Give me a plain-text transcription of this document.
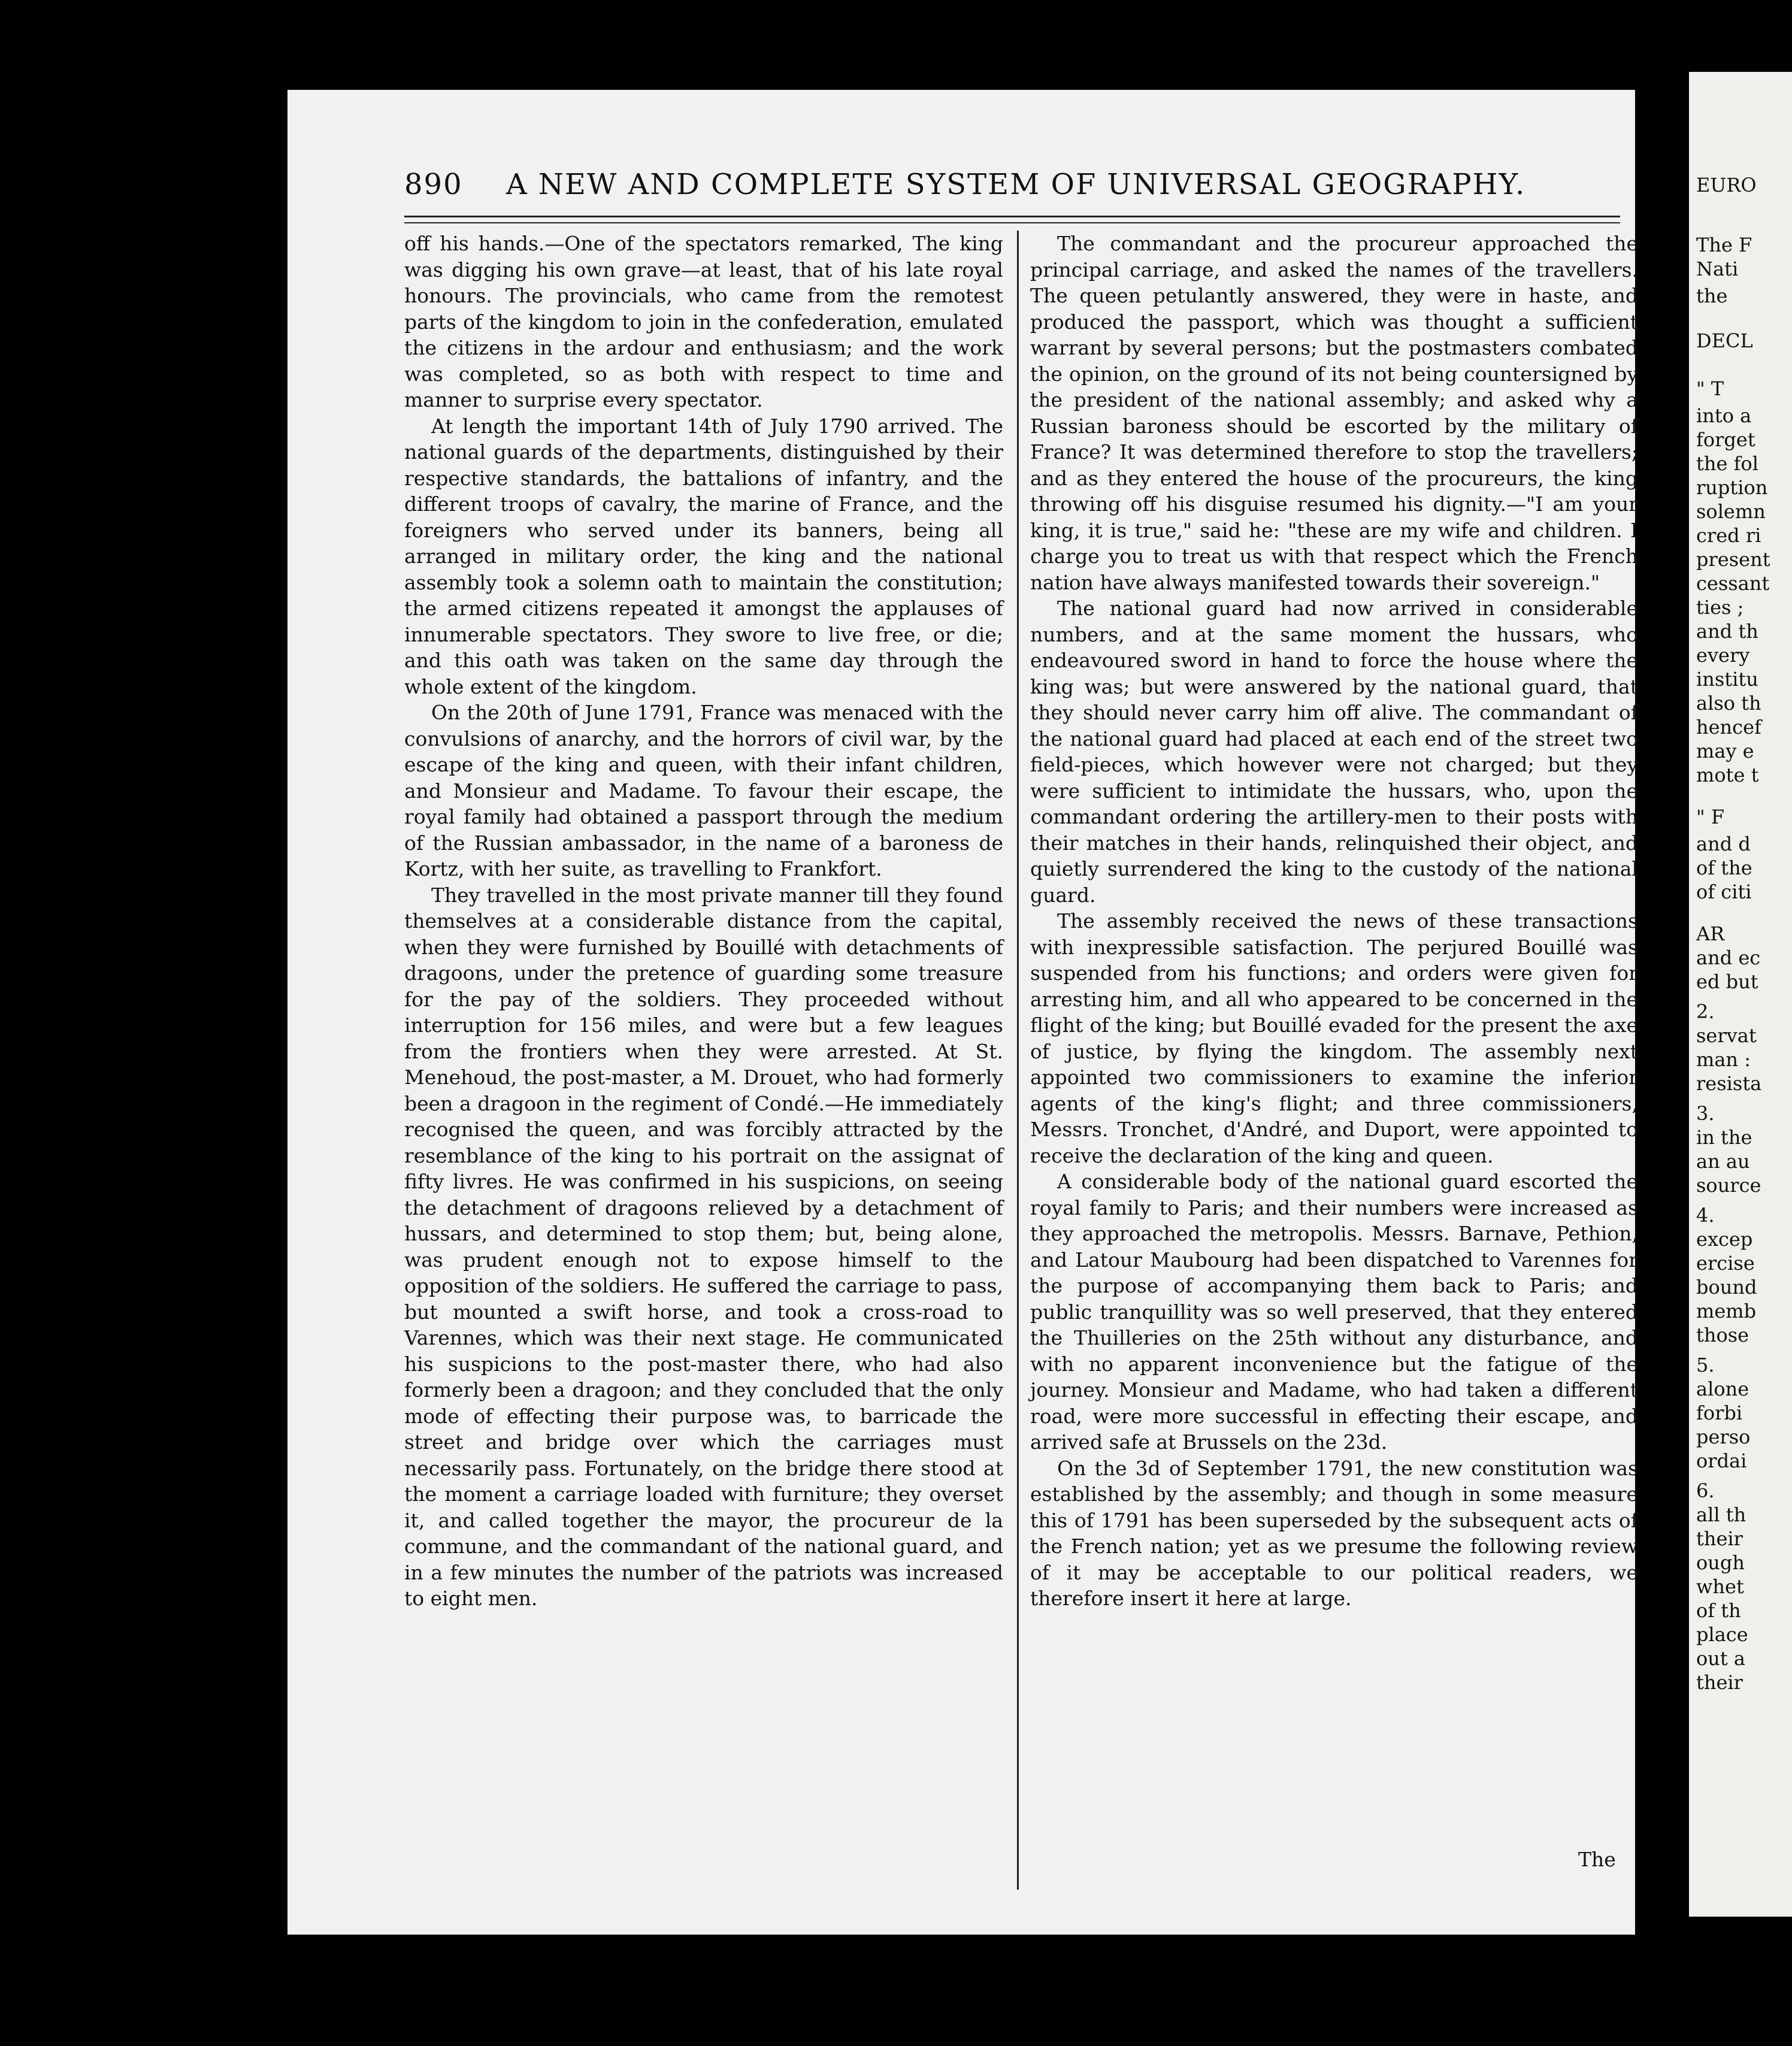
890 A NEW AND COMPLETE SYSTEM OF UNIVERSAL GEOGRAPHY.

off his hands.—One of the spectators remarked, The king was digging his own grave—at least, that of his late royal honours. The provincials, who came from the remotest parts of the kingdom to join in the confederation, emulated the citizens in the ardour and enthusiasm; and the work was completed, so as both with respect to time and manner to surprise every spectator.

At length the important 14th of July 1790 arrived. The national guards of the departments, distinguished by their respective standards, the battalions of infantry, and the different troops of cavalry, the marine of France, and the foreigners who served under its banners, being all arranged in military order, the king and the national assembly took a solemn oath to maintain the constitution; the armed citizens repeated it amongst the applauses of innumerable spectators. They swore to live free, or die; and this oath was taken on the same day through the whole extent of the kingdom.

On the 20th of June 1791, France was menaced with the convulsions of anarchy, and the horrors of civil war, by the escape of the king and queen, with their infant children, and Monsieur and Madame. To favour their escape, the royal family had obtained a passport through the medium of the Russian ambassador, in the name of a baroness de Kortz, with her suite, as travelling to Frankfort.

They travelled in the most private manner till they found themselves at a considerable distance from the capital, when they were furnished by Bouillé with detachments of dragoons, under the pretence of guarding some treasure for the pay of the soldiers. They proceeded without interruption for 156 miles, and were but a few leagues from the frontiers when they were arrested. At St. Menehoud, the post-master, a M. Drouet, who had formerly been a dragoon in the regiment of Condé.—He immediately recognised the queen, and was forcibly attracted by the resemblance of the king to his portrait on the assignat of fifty livres. He was confirmed in his suspicions, on seeing the detachment of dragoons relieved by a detachment of hussars, and determined to stop them; but, being alone, was prudent enough not to expose himself to the opposition of the soldiers. He suffered the carriage to pass, but mounted a swift horse, and took a cross-road to Varennes, which was their next stage. He communicated his suspicions to the post-master there, who had also formerly been a dragoon; and they concluded that the only mode of effecting their purpose was, to barricade the street and bridge over which the carriages must necessarily pass. Fortunately, on the bridge there stood at the moment a carriage loaded with furniture; they overset it, and called together the mayor, the procureur de la commune, and the commandant of the national guard, and in a few minutes the number of the patriots was increased to eight men.

The commandant and the procureur approached the principal carriage, and asked the names of the travellers. The queen petulantly answered, they were in haste, and produced the passport, which was thought a sufficient warrant by several persons; but the postmasters combated the opinion, on the ground of its not being countersigned by the president of the national assembly; and asked why a Russian baroness should be escorted by the military of France? It was determined therefore to stop the travellers; and as they entered the house of the procureurs, the king throwing off his disguise resumed his dignity.—"I am your king, it is true," said he: "these are my wife and children. I charge you to treat us with that respect which the French nation have always manifested towards their sovereign."

The national guard had now arrived in considerable numbers, and at the same moment the hussars, who endeavoured sword in hand to force the house where the king was; but were answered by the national guard, that they should never carry him off alive. The commandant of the national guard had placed at each end of the street two field-pieces, which however were not charged; but they were sufficient to intimidate the hussars, who, upon the commandant ordering the artillery-men to their posts with their matches in their hands, relinquished their object, and quietly surrendered the king to the custody of the national guard.

The assembly received the news of these transactions with inexpressible satisfaction. The perjured Bouillé was suspended from his functions; and orders were given for arresting him, and all who appeared to be concerned in the flight of the king; but Bouillé evaded for the present the axe of justice, by flying the kingdom. The assembly next appointed two commissioners to examine the inferior agents of the king's flight; and three commissioners, Messrs. Tronchet, d'André, and Duport, were appointed to receive the declaration of the king and queen.

A considerable body of the national guard escorted the royal family to Paris; and their numbers were increased as they approached the metropolis. Messrs. Barnave, Pethion, and Latour Maubourg had been dispatched to Varennes for the purpose of accompanying them back to Paris; and public tranquillity was so well preserved, that they entered the Thuilleries on the 25th without any disturbance, and with no apparent inconvenience but the fatigue of the journey. Monsieur and Madame, who had taken a different road, were more successful in effecting their escape, and arrived safe at Brussels on the 23d.

On the 3d of September 1791, the new constitution was established by the assembly; and though in some measure this of 1791 has been superseded by the subsequent acts of the French nation; yet as we presume the following review of it may be acceptable to our political readers, we therefore insert it here at large.

The
EURO
The F
Nati
the
DECL
" T
into a
forget
the fol
ruption
solemn
cred ri
present
cessant
ties ;
and th
every
institu
also th
hencef
may e
mote t
" F
and d
of the
of citi
AR
and ec
ed but
2.
servat
man :
resista
3.
in the
an au
source
4.
excep
ercise
bound
memb
those
5.
alone
forbi
perso
ordai
6.
all th
their
ough
whet
of th
place
out a
their
